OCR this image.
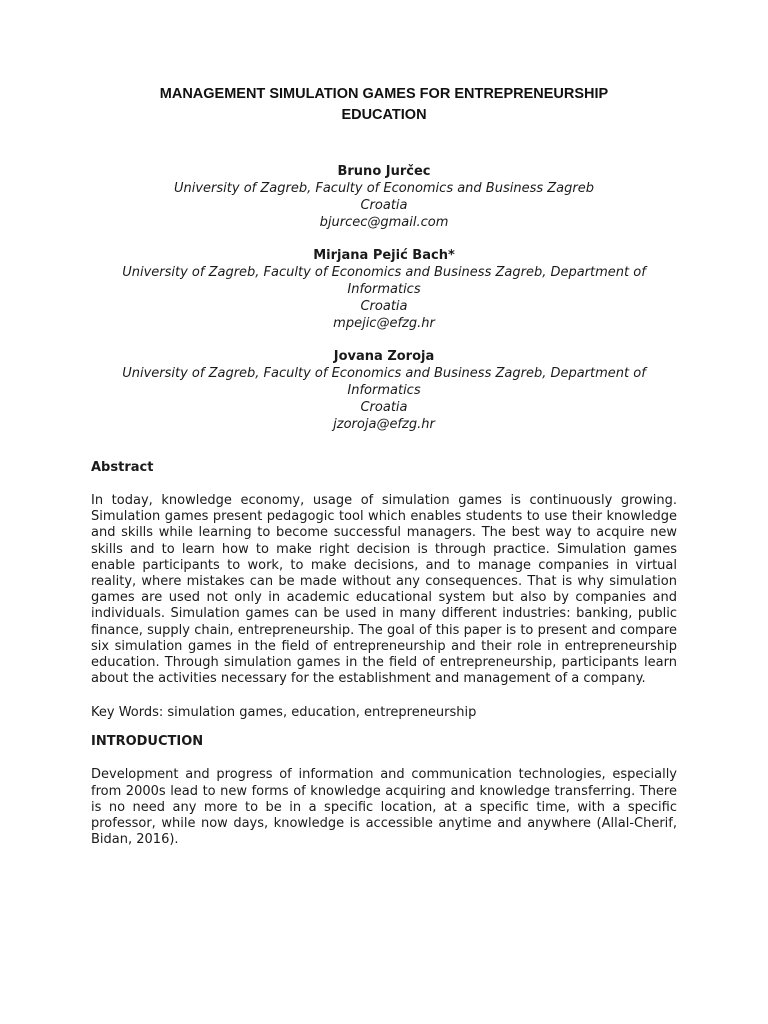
MANAGEMENT SIMULATION GAMES FOR ENTREPRENEURSHIP
EDUCATION
Bruno Jurčec
University of Zagreb, Faculty of Economics and Business Zagreb
Croatia
bjurcec@gmail.com
Mirjana Pejić Bach*
University of Zagreb, Faculty of Economics and Business Zagreb, Department of
Informatics
Croatia
mpejic@efzg.hr
Jovana Zoroja
University of Zagreb, Faculty of Economics and Business Zagreb, Department of
Informatics
Croatia
jzoroja@efzg.hr
Abstract

In today, knowledge economy, usage of simulation games is continuously growing. Simulation games present pedagogic tool which enables students to use their knowledge and skills while learning to become successful managers. The best way to acquire new skills and to learn how to make right decision is through practice. Simulation games enable participants to work, to make decisions, and to manage companies in virtual reality, where mistakes can be made without any consequences. That is why simulation games are used not only in academic educational system but also by companies and individuals. Simulation games can be used in many different industries: banking, public finance, supply chain, entrepreneurship. The goal of this paper is to present and compare six simulation games in the field of entrepreneurship and their role in entrepreneurship education. Through simulation games in the field of entrepreneurship, participants learn about the activities necessary for the establishment and management of a company.

Key Words: simulation games, education, entrepreneurship
INTRODUCTION

Development and progress of information and communication technologies, especially from 2000s lead to new forms of knowledge acquiring and knowledge transferring. There is no need any more to be in a specific location, at a specific time, with a specific professor, while now days, knowledge is accessible anytime and anywhere (Allal-Cherif, Bidan, 2016).
